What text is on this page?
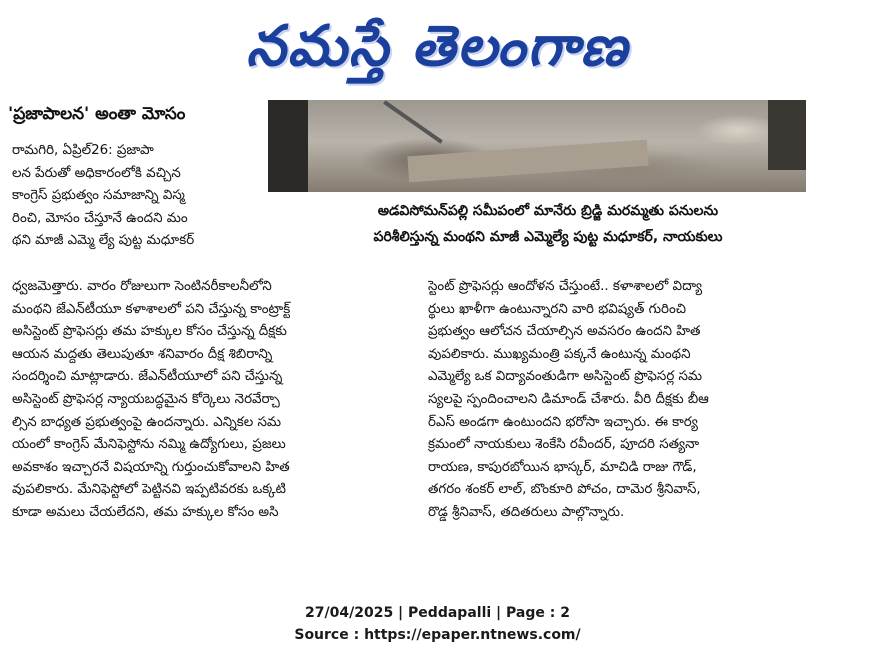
నమస్తే తెలంగాణ
'ప్రజాపాలన' అంతా మోసం
అడవిసోమన్‌పల్లి సమీపంలో మానేరు బ్రిడ్జి మరమ్మతు పనులను
పరిశీలిస్తున్న మంథని మాజీ ఎమ్మెల్యే పుట్ట మధూకర్, నాయకులు
రామగిరి, ఏప్రిల్‌26: ప్రజాపా
లన పేరుతో అధికారంలోకి వచ్చిన
కాంగ్రెస్ ప్రభుత్వం సమాజాన్ని విస్మ
రించి, మోసం చేస్తూనే ఉందని మం
థని మాజీ ఎమ్మె ల్యే పుట్ట మధూకర్
ధ్వజమెత్తారు. వారం రోజులుగా సెంటినరీకాలనీలోని
మంథని జేఎన్‌టీయూ కళాశాలలో పని చేస్తున్న కాంట్రాక్ట్
అసిస్టెంట్ ప్రొఫెసర్లు తమ హక్కుల కోసం చేస్తున్న దీక్షకు
ఆయన మద్దతు తెలుపుతూ శనివారం దీక్ష శిబిరాన్ని
సందర్శించి మాట్లాడారు. జేఎన్‌టీయూలో పని చేస్తున్న
అసిస్టెంట్ ప్రొఫెసర్ల న్యాయబద్ధమైన కోర్కెలు నెరవేర్చా
ల్సిన బాధ్యత ప్రభుత్వంపై ఉందన్నారు. ఎన్నికల సమ
యంలో కాంగ్రెస్ మేనిఫెస్టోను నమ్మి ఉద్యోగులు, ప్రజలు
అవకాశం ఇచ్చారనే విషయాన్ని గుర్తుంచుకోవాలని హిత
వుపలికారు. మేనిఫెస్టోలో పెట్టినవి ఇప్పటివరకు ఒక్కటి
కూడా అమలు చేయలేదని, తమ హక్కుల కోసం అసి
స్టెంట్ ప్రొఫెసర్లు ఆందోళన చేస్తుంటే.. కళాశాలలో విద్యా
ర్థులు ఖాళీగా ఉంటున్నారని వారి భవిష్యత్ గురించి
ప్రభుత్వం ఆలోచన చేయాల్సిన అవసరం ఉందని హిత
వుపలికారు. ముఖ్యమంత్రి పక్కనే ఉంటున్న మంథని
ఎమ్మెల్యే ఒక విద్యావంతుడిగా అసిస్టెంట్ ప్రొఫెసర్ల సమ
స్యలపై స్పందించాలని డిమాండ్ చేశారు. వీరి దీక్షకు బీఆ
ర్‌ఎస్ అండగా ఉంటుందని భరోసా ఇచ్చారు. ఈ కార్య
క్రమంలో నాయకులు శెంకేసి రవీందర్, పూదరి సత్యనా
రాయణ, కాపురబోయిన భాస్కర్, మాచిడి రాజు గౌడ్,
తగరం శంకర్ లాల్, బొంకూరి పోచం, దామెర శ్రీనివాస్,
రొడ్డ శ్రీనివాస్, తదితరులు పాల్గొన్నారు.
27/04/2025 | Peddapalli | Page : 2
Source : https://epaper.ntnews.com/
